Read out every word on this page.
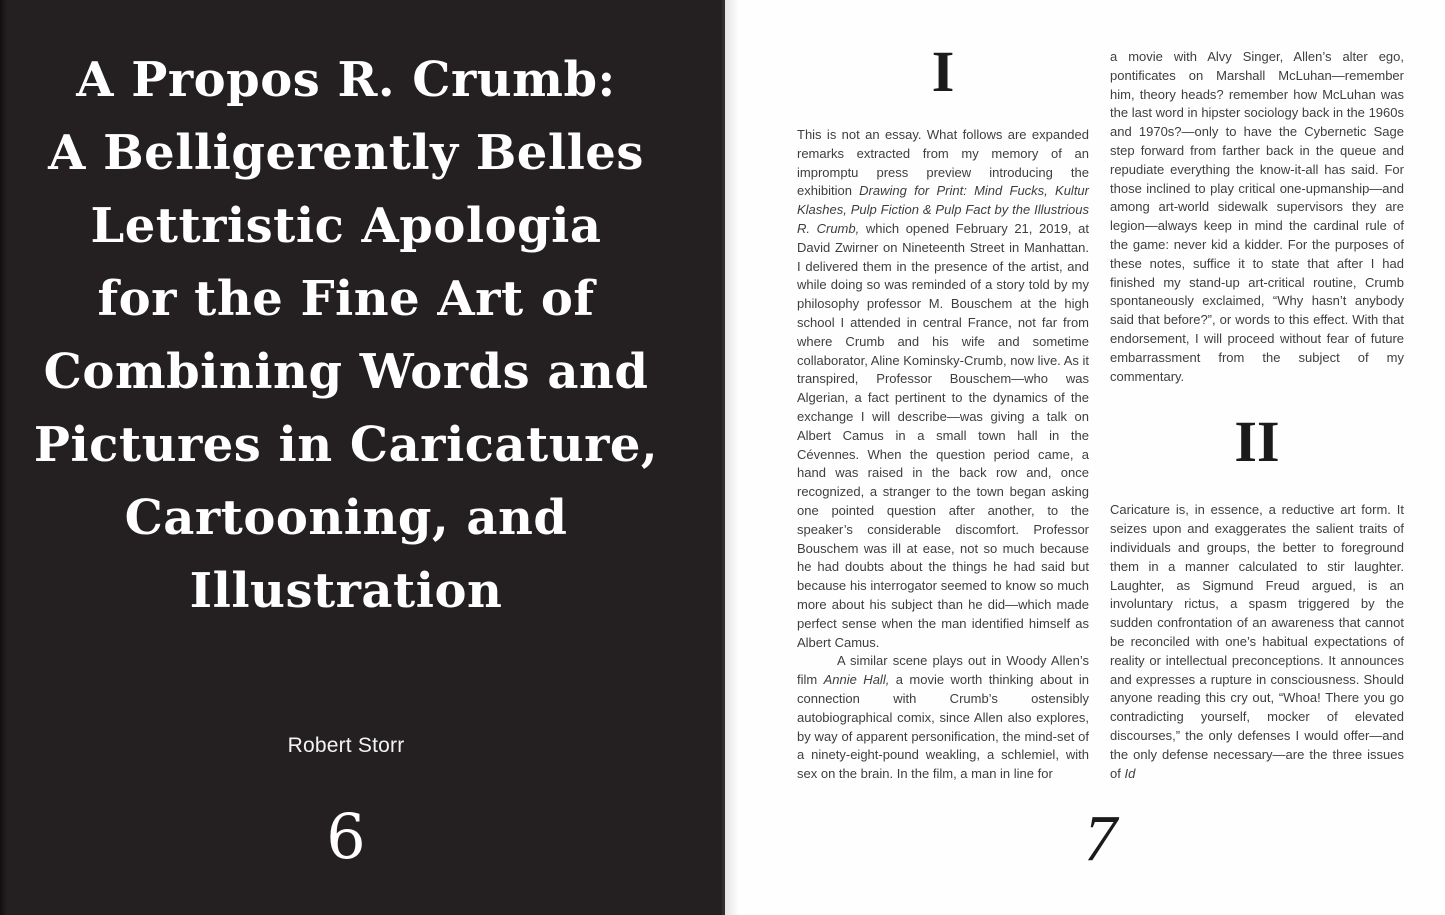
A Propos R. Crumb:
A Belligerently Belles
Lettristic Apologia
for the Fine Art of
Combining Words and
Pictures in Caricature,
Cartooning, and
Illustration
Robert Storr
6
I

This is not an essay. What follows are expanded remarks extracted from my memory of an impromptu press preview introducing the exhibition Drawing for Print: Mind Fucks, Kultur Klashes, Pulp Fiction & Pulp Fact by the Illustrious R. Crumb, which opened February 21, 2019, at David Zwirner on Nineteenth Street in Manhattan. I delivered them in the presence of the artist, and while doing so was reminded of a story told by my philosophy professor M. Bouschem at the high school I attended in central France, not far from where Crumb and his wife and sometime collaborator, Aline Kominsky-Crumb, now live. As it transpired, Professor Bouschem—who was Algerian, a fact pertinent to the dynamics of the exchange I will describe—was giving a talk on Albert Camus in a small town hall in the Cévennes. When the question period came, a hand was raised in the back row and, once recognized, a stranger to the town began asking one pointed question after another, to the speaker’s considerable discomfort. Professor Bouschem was ill at ease, not so much because he had doubts about the things he had said but because his interrogator seemed to know so much more about his subject than he did—which made perfect sense when the man identified himself as Albert Camus.

A similar scene plays out in Woody Allen’s film Annie Hall, a movie worth thinking about in connection with Crumb’s ostensibly autobiographical comix, since Allen also explores, by way of apparent personification, the mind-set of a ninety-eight-pound weakling, a schlemiel, with sex on the brain. In the film, a man in line for

a movie with Alvy Singer, Allen’s alter ego, pontificates on Marshall McLuhan—remember him, theory heads? remember how McLuhan was the last word in hipster sociology back in the 1960s and 1970s?—only to have the Cybernetic Sage step forward from farther back in the queue and repudiate everything the know-it-all has said. For those inclined to play critical one-upmanship—and among art-world sidewalk supervisors they are legion—always keep in mind the cardinal rule of the game: never kid a kidder. For the purposes of these notes, suffice it to state that after I had finished my stand-up art-critical routine, Crumb spontaneously exclaimed, “Why hasn’t anybody said that before?”, or words to this effect. With that endorsement, I will proceed without fear of future embarrassment from the subject of my commentary.

II

Caricature is, in essence, a reductive art form. It seizes upon and exaggerates the salient traits of individuals and groups, the better to foreground them in a manner calculated to stir laughter. Laughter, as Sigmund Freud argued, is an involuntary rictus, a spasm triggered by the sudden confrontation of an awareness that cannot be reconciled with one’s habitual expectations of reality or intellectual preconceptions. It announces and expresses a rupture in consciousness. Should anyone reading this cry out, “Whoa! There you go contradicting yourself, mocker of elevated discourses,” the only defenses I would offer—and the only defense necessary—are the three issues of Id

7
